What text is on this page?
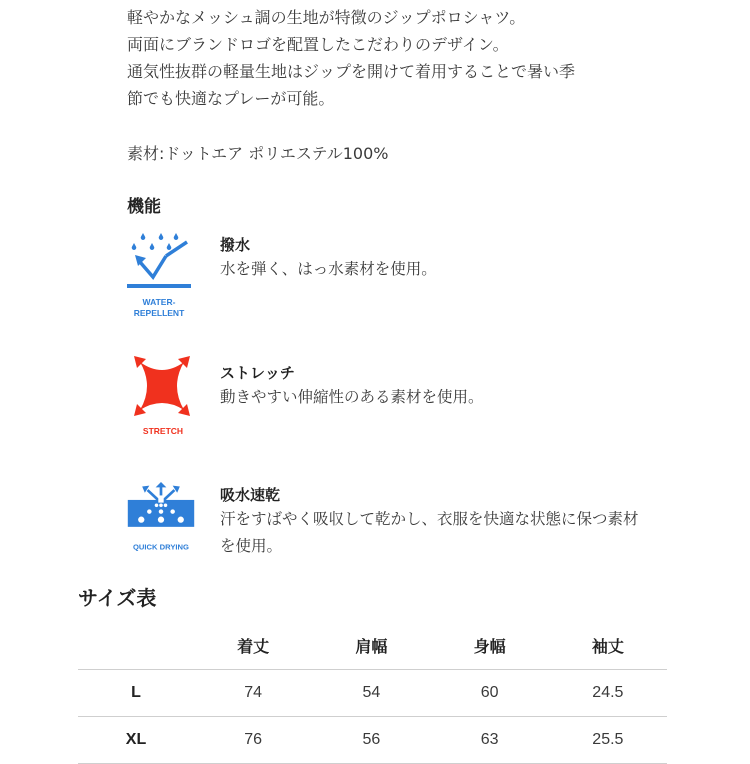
軽やかなメッシュ調の生地が特徴のジップポロシャツ。

両面にブランドロゴを配置したこだわりのデザイン。

通気性抜群の軽量生地はジップを開けて着用することで暑い季

節でも快適なプレーが可能。

素材:ドットエア ポリエステル100%
機能
WATER-
REPELLENT
撥水
水を弾く、はっ水素材を使用。
STRETCH
ストレッチ
動きやすい伸縮性のある素材を使用。
QUICK DRYING
吸水速乾
汗をすばやく吸収して乾かし、衣服を快適な状態に保つ素材を使用。
サイズ表
	着丈	肩幅	身幅	袖丈
L	74	54	60	24.5
XL	76	56	63	25.5
